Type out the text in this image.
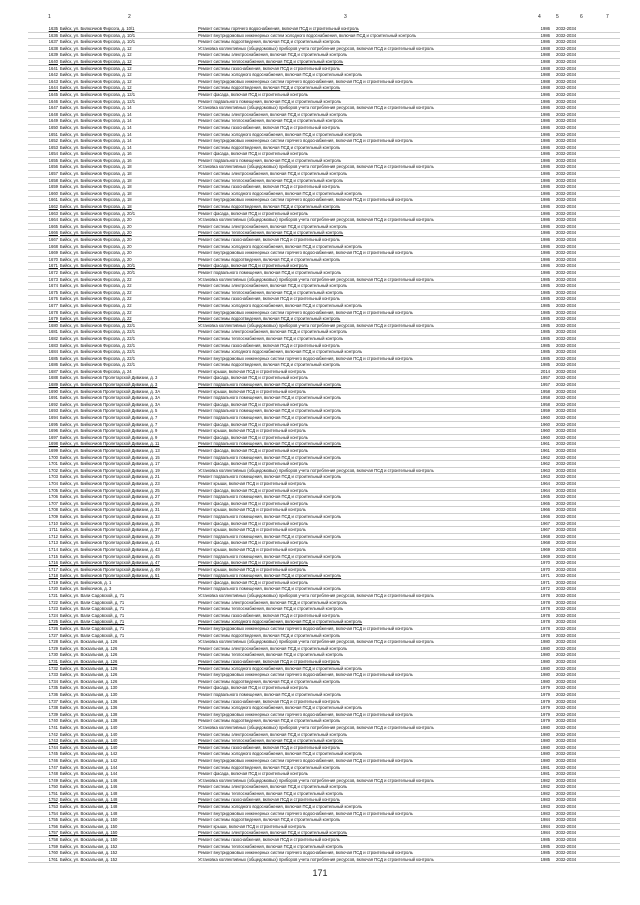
1	2	3	4	5	6	7
1635 Бийск, ул. Билюзчиов Фирсога, д. 10/1	Ремонт системы горячего водоснабжения, включая ПСД и строительный контроль	1986 2032-2034
1636 Бийск, ул. Бийюзчиов Фирсова, д. 10/1	Ремонт внутридомовых инженерных систем холодного водоснабжения, включая ПСД и строительный контроль	1986 2032-2034
1637 Бийск, ул. Бийюзчиов Фирсова, д. 10/1	Ремонт системы водоотведения, включая ПСД и строительный контроль	1986 2032-2034
1638 Бийск, ул. Бийюзчиов Фирсова, д. 12	Установка коллективных (общедомовых) приборов учета потребления ресурсов, включая ПСД и строительный контроль	1988 2032-2034
1639 Бийск, ул. Бийюзчиов Фирсова, д. 12	Ремонт системы электроснабжения, включая ПСД и строительный контроль	1988 2032-2034
1640 Бийск, ул. Бийюзчиов Фирсова, д. 12	Ремонт системы теплоснабжения, включая ПСД и строительный контроль	1988 2032-2034
1641 Бийск, ул. Бийюзчиов Фирсова, д. 12	Ремонт системы газоснабжения, включая ПСД и строительный контроль	1988 2032-2034
1642 Бийск, ул. Бийюзчиов Фирсова, д. 12	Ремонт системы холодного водоснабжения, включая ПСД и строительный контроль	1988 2032-2034
1643 Бийск, ул. Бийюзчиов Фирсова, д. 12	Ремонт внутридомовых инженерных систем горячего водоснабжения, включая ПСД и строительный контроль	1988 2032-2034
1644 Бийск, ул. Бийюзчиов Фирсова, д. 12	Ремонт системы водоотведения, включая ПСД и строительный контроль	1988 2032-2034
1645 Бийск, ул. Бийюзчиов Фирсова, д. 12/1	Ремонт фасада, включая ПСД и строительный контроль	1986 2032-2034
1646 Бийск, ул. Бийюзчиов Фирсова, д. 12/1	Ремонт подвального помещения, включая ПСД и строительный контроль	1986 2032-2034
1647 Бийск, ул. Бийюзчиов Фирсова, д. 14	Установка коллективных (общедомовых) приборов учета потребления ресурсов, включая ПСД и строительный контроль	1986 2032-2034
1648 Бийск, ул. Бийюзчиов Фирсова, д. 14	Ремонт системы электроснабжения, включая ПСД и строительный контроль	1986 2032-2034
1649 Бийск, ул. Бийюзчиов Фирсова, д. 14	Ремонт системы теплоснабжения, включая ПСД и строительный контроль	1986 2032-2034
1650 Бийск, ул. Бийюзчиов Фирсова, д. 14	Ремонт системы газоснабжения, включая ПСД и строительный контроль	1986 2032-2034
1651 Бийск, ул. Бийюзчиов Фирсова, д. 14	Ремонт системы холодного водоснабжения, включая ПСД и строительный контроль	1986 2032-2034
1652 Бийск, ул. Бийюзчиов Фирсова, д. 14	Ремонт внутридомовых инженерных систем горячего водоснабжения, включая ПСД и строительный контроль	1986 2032-2034
1653 Бийск, ул. Бийюзчиов Фирсова, д. 14	Ремонт системы водоотведения, включая ПСД и строительный контроль	1986 2032-2034
1654 Бийск, ул. Бийюзчиов Фирсова, д. 16	Ремонт фасада, включая ПСД и строительный контроль	1986 2032-2034
1655 Бийск, ул. Бийюзчиов Фирсова, д. 16	Ремонт подвального помещения, включая ПСД и строительный контроль	1986 2032-2034
1656 Бийск, ул. Бийюзчиов Фирсова, д. 18	Установка коллективных (общедомовых) приборов учета потребления ресурсов, включая ПСД и строительный контроль	1986 2032-2034
1657 Бийск, ул. Бийюзчиов Фирсова, д. 18	Ремонт системы электроснабжения, включая ПСД и строительный контроль	1986 2032-2034
1658 Бийск, ул. Бийюзчиов Фирсова, д. 18	Ремонт системы теплоснабжения, включая ПСД и строительный контроль	1986 2032-2034
1659 Бийск, ул. Бийюзчиов Фирсова, д. 18	Ремонт системы газоснабжения, включая ПСД и строительный контроль	1986 2032-2034
1660 Бийск, ул. Бийюзчиов Фирсова, д. 18	Ремонт системы холодного водоснабжения, включая ПСД и строительный контроль	1986 2032-2034
1661 Бийск, ул. Бийюзчиов Фирсова, д. 18	Ремонт внутридомовых инженерных систем горячего водоснабжения, включая ПСД и строительный контроль	1986 2032-2034
1662 Бийск, ул. Бийюзчиов Фирсова, д. 18	Ремонт системы водоотведения, включая ПСД и строительный контроль	1986 2032-2034
1663 Бийск, ул. Бийюзчиов Фирсова, д. 20/1	Ремонт фасада, включая ПСД и строительный контроль	1986 2032-2034
1664 Бийск, ул. Бийюзчиов Фирсова, д. 20	Установка коллективных (общедомовых) приборов учета потребления ресурсов, включая ПСД и строительный контроль	1986 2032-2034
1665 Бийск, ул. Бийюзчиов Фирсова, д. 20	Ремонт системы электроснабжения, включая ПСД и строительный контроль	1986 2032-2034
1666 Бийск, ул. Бийюзчиов Фирсова, д. 20	Ремонт системы теплоснабжения, включая ПСД и строительный контроль	1986 2032-2034
1667 Бийск, ул. Бийюзчиов Фирсова, д. 20	Ремонт системы газоснабжения, включая ПСД и строительный контроль	1986 2032-2034
1668 Бийск, ул. Бийюзчиов Фирсова, д. 20	Ремонт системы холодного водоснабжения, включая ПСД и строительный контроль	1986 2032-2034
1669 Бийск, ул. Бийюзчиов Фирсова, д. 20	Ремонт внутридомовых инженерных систем горячего водоснабжения, включая ПСД и строительный контроль	1986 2032-2034
1670 Бийск, ул. Бийюзчиов Фирсова, д. 20	Ремонт системы водоотведения, включая ПСД и строительный контроль	1986 2032-2034
1671 Бийск, ул. Бийюзчиов Фирсова, д. 20/1	Ремонт фасада, включая ПСД и строительный контроль	1986 2032-2034
1672 Бийск, ул. Бийюзчиов Фирсова, д. 20/1	Ремонт подвального помещения, включая ПСД и строительный контроль	1986 2032-2034
1673 Бийск, ул. Бийюзчиов Фирсова, д. 22	Установка коллективных (общедомовых) приборов учета потребления ресурсов, включая ПСД и строительный контроль	1985 2032-2034
1674 Бийск, ул. Бийюзчиов Фирсова, д. 22	Ремонт системы электроснабжения, включая ПСД и строительный контроль	1985 2032-2034
1675 Бийск, ул. Бийюзчиов Фирсова, д. 22	Ремонт системы теплоснабжения, включая ПСД и строительный контроль	1985 2032-2034
1676 Бийск, ул. Бийюзчиов Фирсова, д. 22	Ремонт системы газоснабжения, включая ПСД и строительный контроль	1985 2032-2034
1677 Бийск, ул. Бийюзчиов Фирсова, д. 22	Ремонт системы холодного водоснабжения, включая ПСД и строительный контроль	1985 2032-2034
1678 Бийск, ул. Бийюзчиов Фирсова, д. 22	Ремонт внутридомовых инженерных систем горячего водоснабжения, включая ПСД и строительный контроль	1985 2032-2034
1679 Бийск, ул. Бийюзчиов Фирсова, д. 22	Ремонт системы водоотведения, включая ПСД и строительный контроль	1985 2032-2034
1680 Бийск, ул. Бийюзчиов Фирсова, д. 22/1	Установка коллективных (общедомовых) приборов учета потребления ресурсов, включая ПСД и строительный контроль	1985 2032-2034
1681 Бийск, ул. Бийюзчиов Фирсова, д. 22/1	Ремонт системы электроснабжения, включая ПСД и строительный контроль	1985 2032-2034
1682 Бийск, ул. Бийюзчиов Фирсова, д. 22/1	Ремонт системы теплоснабжения, включая ПСД и строительный контроль	1985 2032-2034
1683 Бийск, ул. Бийюзчиов Фирсова, д. 22/1	Ремонт системы газоснабжения, включая ПСД и строительный контроль	1985 2032-2034
1684 Бийск, ул. Бийюзчиов Фирсова, д. 22/1	Ремонт системы холодного водоснабжения, включая ПСД и строительный контроль	1985 2032-2034
1685 Бийск, ул. Бийюзчиов Фирсова, д. 22/1	Ремонт внутридомовых инженерных систем горячего водоснабжения, включая ПСД и строительный контроль	1985 2032-2034
1686 Бийск, ул. Бийюзчиов Фирсова, д. 22/1	Ремонт системы водоотведения, включая ПСД и строительный контроль	1985 2032-2034
1687 Бийск, ул. Бийюзчиов Фирсова, д. 24	Ремонт крыши, включая ПСД и строительный контроль	2014 2032-2034
1688 Бийск, ул. Бийюзчиов Пролетарской Дивизии, д. 3	Ремонт фасада, включая ПСД и строительный контроль	1957 2032-2034
1689 Бийск, ул. Бийюзчиов Пролетарской Дивизии, д. 3	Ремонт подвального помещения, включая ПСД и строительный контроль	1957 2032-2034
1690 Бийск, ул. Бийюзчиов Пролетарской Дивизии, д. 3А	Ремонт крыши, включая ПСД и строительный контроль	1958 2032-2034
1691 Бийск, ул. Бийюзчиов Пролетарской Дивизии, д. 3А	Ремонт подвального помещения, включая ПСД и строительный контроль	1958 2032-2034
1692 Бийск, ул. Бийюзчиов Пролетарской Дивизии, д. 3А	Ремонт фасада, включая ПСД и строительный контроль	1958 2032-2034
1693 Бийск, ул. Бийюзчиов Пролетарской Дивизии, д. 5	Ремонт подвального помещения, включая ПСД и строительный контроль	1959 2032-2034
1694 Бийск, ул. Бийюзчиов Пролетарской Дивизии, д. 7	Ремонт подвального помещения, включая ПСД и строительный контроль	1960 2032-2034
1695 Бийск, ул. Бийюзчиов Пролетарской Дивизии, д. 7	Ремонт фасада, включая ПСД и строительный контроль	1960 2032-2034
1696 Бийск, ул. Бийюзчиов Пролетарской Дивизии, д. 9	Ремонт крыши, включая ПСД и строительный контроль	1960 2032-2034
1697 Бийск, ул. Бийюзчиов Пролетарской Дивизии, д. 9	Ремонт фасада, включая ПСД и строительный контроль	1960 2032-2034
1698 Бийск, ул. Бийюзчиов Пролетарской Дивизии, д. 11	Ремонт подвального помещения, включая ПСД и строительный контроль	1961 2032-2034
1699 Бийск, ул. Бийюзчиов Пролетарской Дивизии, д. 13	Ремонт фасада, включая ПСД и строительный контроль	1961 2032-2034
1700 Бийск, ул. Бийюзчиов Пролетарской Дивизии, д. 15	Ремонт подвального помещения, включая ПСД и строительный контроль	1962 2032-2034
1701 Бийск, ул. Бийюзчиов Пролетарской Дивизии, д. 17	Ремонт фасада, включая ПСД и строительный контроль	1962 2032-2034
1702 Бийск, ул. Бийюзчиов Пролетарской Дивизии, д. 19	Установка коллективных (общедомовых) приборов учета потребления ресурсов, включая ПСД и строительный контроль	1963 2032-2034
1703 Бийск, ул. Бийюзчиов Пролетарской Дивизии, д. 21	Ремонт подвального помещения, включая ПСД и строительный контроль	1963 2032-2034
1704 Бийск, ул. Бийюзчиов Пролетарской Дивизии, д. 23	Ремонт крыши, включая ПСД и строительный контроль	1964 2032-2034
1705 Бийск, ул. Бийюзчиов Пролетарской Дивизии, д. 25	Ремонт фасада, включая ПСД и строительный контроль	1964 2032-2034
1706 Бийск, ул. Бийюзчиов Пролетарской Дивизии, д. 27	Ремонт подвального помещения, включая ПСД и строительный контроль	1965 2032-2034
1707 Бийск, ул. Бийюзчиов Пролетарской Дивизии, д. 29	Ремонт фасада, включая ПСД и строительный контроль	1965 2032-2034
1708 Бийск, ул. Бийюзчиов Пролетарской Дивизии, д. 31	Ремонт крыши, включая ПСД и строительный контроль	1966 2032-2034
1709 Бийск, ул. Бийюзчиов Пролетарской Дивизии, д. 33	Ремонт подвального помещения, включая ПСД и строительный контроль	1966 2032-2034
1710 Бийск, ул. Бийюзчиов Пролетарской Дивизии, д. 35	Ремонт фасада, включая ПСД и строительный контроль	1967 2032-2034
1711 Бийск, ул. Бийюзчиов Пролетарской Дивизии, д. 37	Ремонт крыши, включая ПСД и строительный контроль	1967 2032-2034
1712 Бийск, ул. Бийюзчиов Пролетарской Дивизии, д. 39	Ремонт подвального помещения, включая ПСД и строительный контроль	1968 2032-2034
1713 Бийск, ул. Бийюзчиов Пролетарской Дивизии, д. 41	Ремонт фасада, включая ПСД и строительный контроль	1968 2032-2034
1714 Бийск, ул. Бийюзчиов Пролетарской Дивизии, д. 43	Ремонт крыши, включая ПСД и строительный контроль	1969 2032-2034
1715 Бийск, ул. Бийюзчиов Пролетарской Дивизии, д. 45	Ремонт подвального помещения, включая ПСД и строительный контроль	1969 2032-2034
1716 Бийск, ул. Бийюзчиов Пролетарской Дивизии, д. 47	Ремонт фасада, включая ПСД и строительный контроль	1970 2032-2034
1717 Бийск, ул. Бийюзчиов Пролетарской Дивизии, д. 49	Ремонт крыши, включая ПСД и строительный контроль	1970 2032-2034
1718 Бийск, ул. Бийюзчиов Пролетарской Дивизии, д. 51	Ремонт подвального помещения, включая ПСД и строительный контроль	1971 2032-2034
1719 Бийск, ул. Бийюзчиов, д. 1	Ремонт фасада, включая ПСД и строительный контроль	1971 2032-2034
1720 Бийск, ул. Бийюзчиов, д. 3	Ремонт подвального помещения, включая ПСД и строительный контроль	1972 2032-2034
1721 Бийск, ул. Вали Садовской, д. 71	Установка коллективных (общедомовых) приборов учета потребления ресурсов, включая ПСД и строительный контроль	1978 2032-2034
1722 Бийск, ул. Вали Садовской, д. 71	Ремонт системы электроснабжения, включая ПСД и строительный контроль	1978 2032-2034
1723 Бийск, ул. Вали Садовской, д. 71	Ремонт системы теплоснабжения, включая ПСД и строительный контроль	1978 2032-2034
1724 Бийск, ул. Вали Садовской, д. 71	Ремонт системы газоснабжения, включая ПСД и строительный контроль	1978 2032-2034
1725 Бийск, ул. Вали Садовской, д. 71	Ремонт системы холодного водоснабжения, включая ПСД и строительный контроль	1978 2032-2034
1726 Бийск, ул. Вали Садовской, д. 71	Ремонт внутридомовых инженерных систем горячего водоснабжения, включая ПСД и строительный контроль	1978 2032-2034
1727 Бийск, ул. Вали Садовской, д. 71	Ремонт системы водоотведения, включая ПСД и строительный контроль	1978 2032-2034
1728 Бийск, ул. Вокзальная, д. 126	Установка коллективных (общедомовых) приборов учета потребления ресурсов, включая ПСД и строительный контроль	1980 2032-2034
1729 Бийск, ул. Вокзальная, д. 126	Ремонт системы электроснабжения, включая ПСД и строительный контроль	1980 2032-2034
1730 Бийск, ул. Вокзальная, д. 126	Ремонт системы теплоснабжения, включая ПСД и строительный контроль	1980 2032-2034
1731 Бийск, ул. Вокзальная, д. 126	Ремонт системы газоснабжения, включая ПСД и строительный контроль	1980 2032-2034
1732 Бийск, ул. Вокзальная, д. 126	Ремонт системы холодного водоснабжения, включая ПСД и строительный контроль	1980 2032-2034
1733 Бийск, ул. Вокзальная, д. 126	Ремонт внутридомовых инженерных систем горячего водоснабжения, включая ПСД и строительный контроль	1980 2032-2034
1734 Бийск, ул. Вокзальная, д. 126	Ремонт системы водоотведения, включая ПСД и строительный контроль	1980 2032-2034
1735 Бийск, ул. Вокзальная, д. 130	Ремонт фасада, включая ПСД и строительный контроль	1979 2032-2034
1736 Бийск, ул. Вокзальная, д. 130	Ремонт подвального помещения, включая ПСД и строительный контроль	1979 2032-2034
1737 Бийск, ул. Вокзальная, д. 136	Ремонт системы газоснабжения, включая ПСД и строительный контроль	1979 2032-2034
1738 Бийск, ул. Вокзальная, д. 136	Ремонт системы холодного водоснабжения, включая ПСД и строительный контроль	1979 2032-2034
1739 Бийск, ул. Вокзальная, д. 138	Ремонт внутридомовых инженерных систем горячего водоснабжения, включая ПСД и строительный контроль	1979 2032-2034
1740 Бийск, ул. Вокзальная, д. 138	Ремонт системы водоотведения, включая ПСД и строительный контроль	1979 2032-2034
1741 Бийск, ул. Вокзальная, д. 140	Установка коллективных (общедомовых) приборов учета потребления ресурсов, включая ПСД и строительный контроль	1980 2032-2034
1742 Бийск, ул. Вокзальная, д. 140	Ремонт системы электроснабжения, включая ПСД и строительный контроль	1980 2032-2034
1743 Бийск, ул. Вокзальная, д. 140	Ремонт системы теплоснабжения, включая ПСД и строительный контроль	1980 2032-2034
1744 Бийск, ул. Вокзальная, д. 140	Ремонт системы газоснабжения, включая ПСД и строительный контроль	1980 2032-2034
1745 Бийск, ул. Вокзальная, д. 142	Ремонт системы холодного водоснабжения, включая ПСД и строительный контроль	1980 2032-2034
1746 Бийск, ул. Вокзальная, д. 142	Ремонт внутридомовых инженерных систем горячего водоснабжения, включая ПСД и строительный контроль	1980 2032-2034
1747 Бийск, ул. Вокзальная, д. 144	Ремонт системы водоотведения, включая ПСД и строительный контроль	1981 2032-2034
1748 Бийск, ул. Вокзальная, д. 144	Ремонт фасада, включая ПСД и строительный контроль	1981 2032-2034
1749 Бийск, ул. Вокзальная, д. 146	Установка коллективных (общедомовых) приборов учета потребления ресурсов, включая ПСД и строительный контроль	1982 2032-2034
1750 Бийск, ул. Вокзальная, д. 146	Ремонт системы электроснабжения, включая ПСД и строительный контроль	1982 2032-2034
1751 Бийск, ул. Вокзальная, д. 148	Ремонт системы теплоснабжения, включая ПСД и строительный контроль	1982 2032-2034
1752 Бийск, ул. Вокзальная, д. 148	Ремонт системы газоснабжения, включая ПСД и строительный контроль	1983 2032-2034
1753 Бийск, ул. Вокзальная, д. 148	Ремонт системы холодного водоснабжения, включая ПСД и строительный контроль	1983 2032-2034
1754 Бийск, ул. Вокзальная, д. 148	Ремонт внутридомовых инженерных систем горячего водоснабжения, включая ПСД и строительный контроль	1983 2032-2034
1755 Бийск, ул. Вокзальная, д. 150	Ремонт системы водоотведения, включая ПСД и строительный контроль	1984 2032-2034
1756 Бийск, ул. Вокзальная, д. 150	Ремонт крыши, включая ПСД и строительный контроль	1984 2032-2034
1757 Бийск, ул. Вокзальная, д. 150	Ремонт системы электроснабжения, включая ПСД и строительный контроль	1984 2032-2034
1758 Бийск, ул. Вокзальная, д. 150	Ремонт системы газоснабжения, включая ПСД и строительный контроль	1985 2032-2034
1759 Бийск, ул. Вокзальная, д. 152	Ремонт системы теплоснабжения, включая ПСД и строительный контроль	1985 2032-2034
1760 Бийск, ул. Вокзальная, д. 152	Ремонт внутридомовых инженерных систем горячего водоснабжения, включая ПСД и строительный контроль	1985 2032-2034
1761 Бийск, ул. Вокзальная, д. 152	Установка коллективных (общедомовых) приборов учета потребления ресурсов, включая ПСД и строительный контроль	1985 2032-2034
171
